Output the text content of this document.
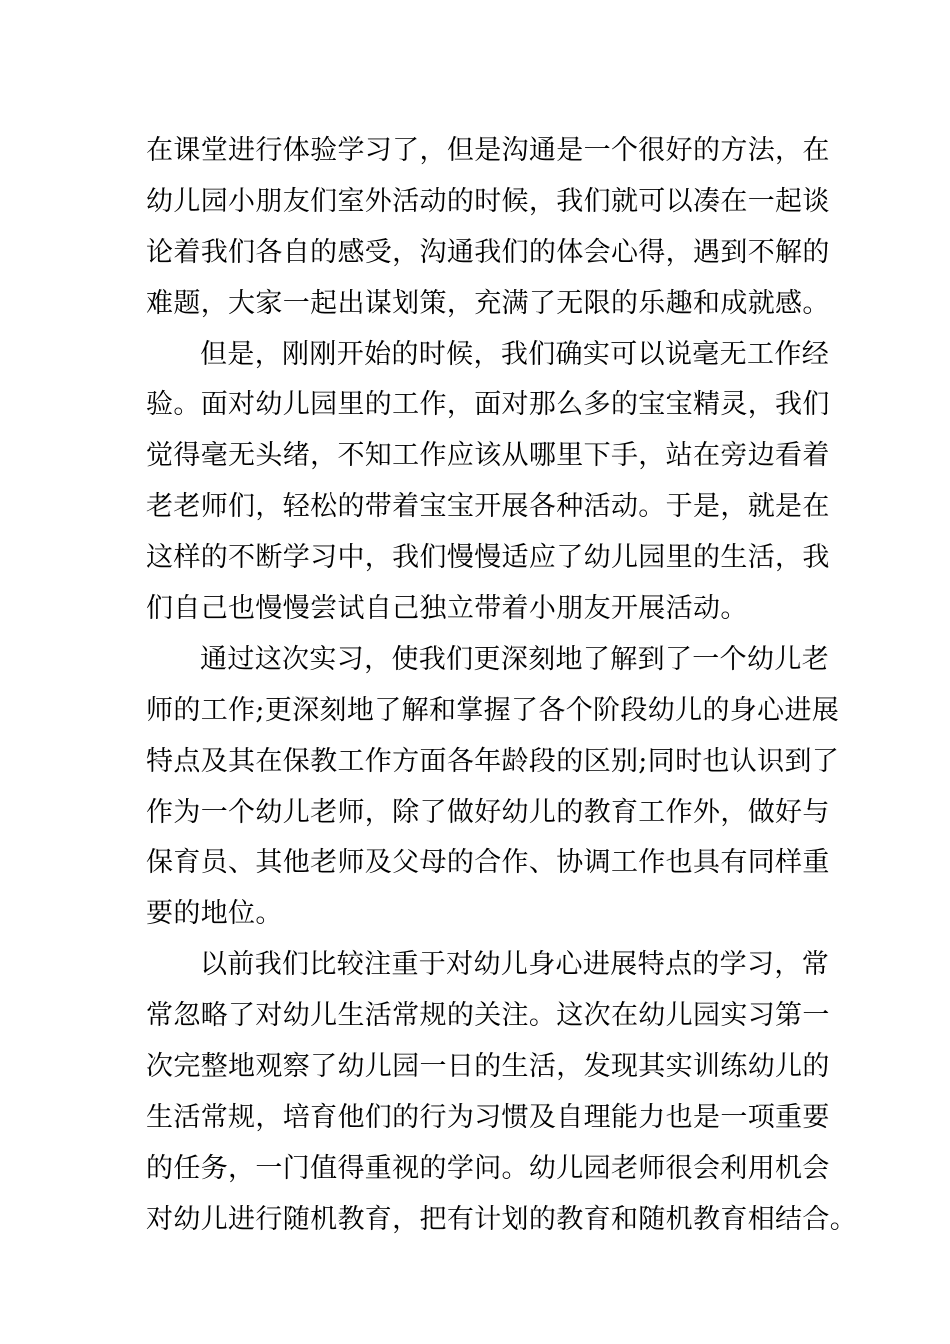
在课堂进行体验学习了，但是沟通是一个很好的方法，在
幼儿园小朋友们室外活动的时候，我们就可以凑在一起谈
论着我们各自的感受，沟通我们的体会心得，遇到不解的
难题，大家一起出谋划策，充满了无限的乐趣和成就感。
但是，刚刚开始的时候，我们确实可以说毫无工作经
验。面对幼儿园里的工作，面对那么多的宝宝精灵，我们
觉得毫无头绪，不知工作应该从哪里下手，站在旁边看着
老老师们，轻松的带着宝宝开展各种活动。于是，就是在
这样的不断学习中，我们慢慢适应了幼儿园里的生活，我
们自己也慢慢尝试自己独立带着小朋友开展活动。
通过这次实习，使我们更深刻地了解到了一个幼儿老
师的工作;更深刻地了解和掌握了各个阶段幼儿的身心进展
特点及其在保教工作方面各年龄段的区别;同时也认识到了
作为一个幼儿老师，除了做好幼儿的教育工作外，做好与
保育员、其他老师及父母的合作、协调工作也具有同样重
要的地位。
以前我们比较注重于对幼儿身心进展特点的学习，常
常忽略了对幼儿生活常规的关注。这次在幼儿园实习第一
次完整地观察了幼儿园一日的生活，发现其实训练幼儿的
生活常规，培育他们的行为习惯及自理能力也是一项重要
的任务，一门值得重视的学问。幼儿园老师很会利用机会
对幼儿进行随机教育，把有计划的教育和随机教育相结合。
